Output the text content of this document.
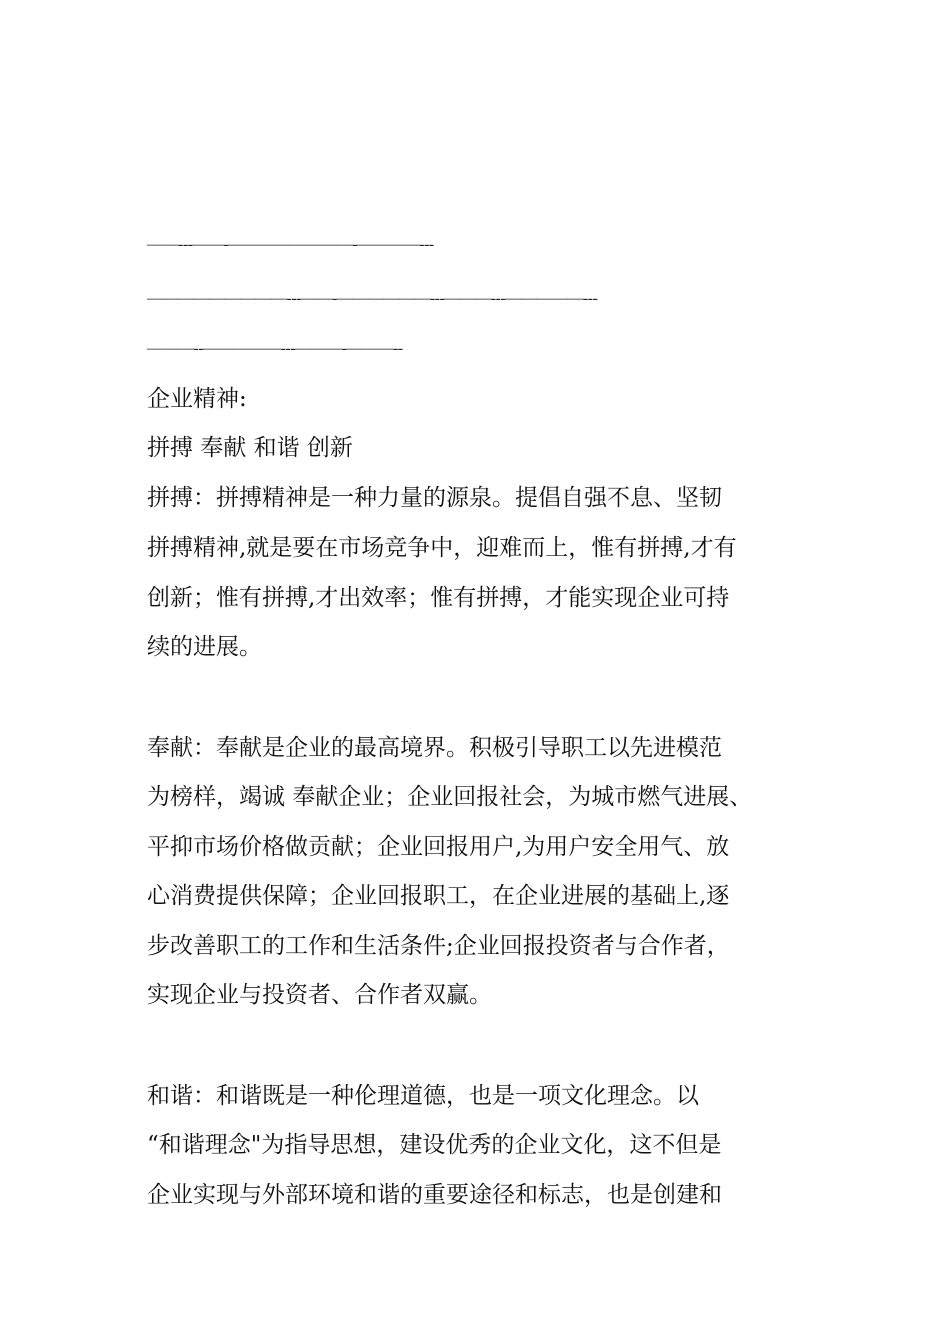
——---——-————————-————---
—————————---——-——————---———---—————---
———--—————---———-———--
企业精神:
拼搏 奉献 和谐 创新
拼搏：拼搏精神是一种力量的源泉。提倡自强不息、坚韧
拼搏精神,就是要在市场竞争中，迎难而上，惟有拼搏,才有
创新；惟有拼搏,才出效率；惟有拼搏，才能实现企业可持
续的进展。
奉献：奉献是企业的最高境界。积极引导职工以先进模范
为榜样，竭诚 奉献企业；企业回报社会，为城市燃气进展、
平抑市场价格做贡献；企业回报用户,为用户安全用气、放
心消费提供保障；企业回报职工，在企业进展的基础上,逐
步改善职工的工作和生活条件;企业回报投资者与合作者，
实现企业与投资者、合作者双赢。
和谐：和谐既是一种伦理道德，也是一项文化理念。以
“和谐理念"为指导思想，建设优秀的企业文化，这不但是
企业实现与外部环境和谐的重要途径和标志，也是创建和
